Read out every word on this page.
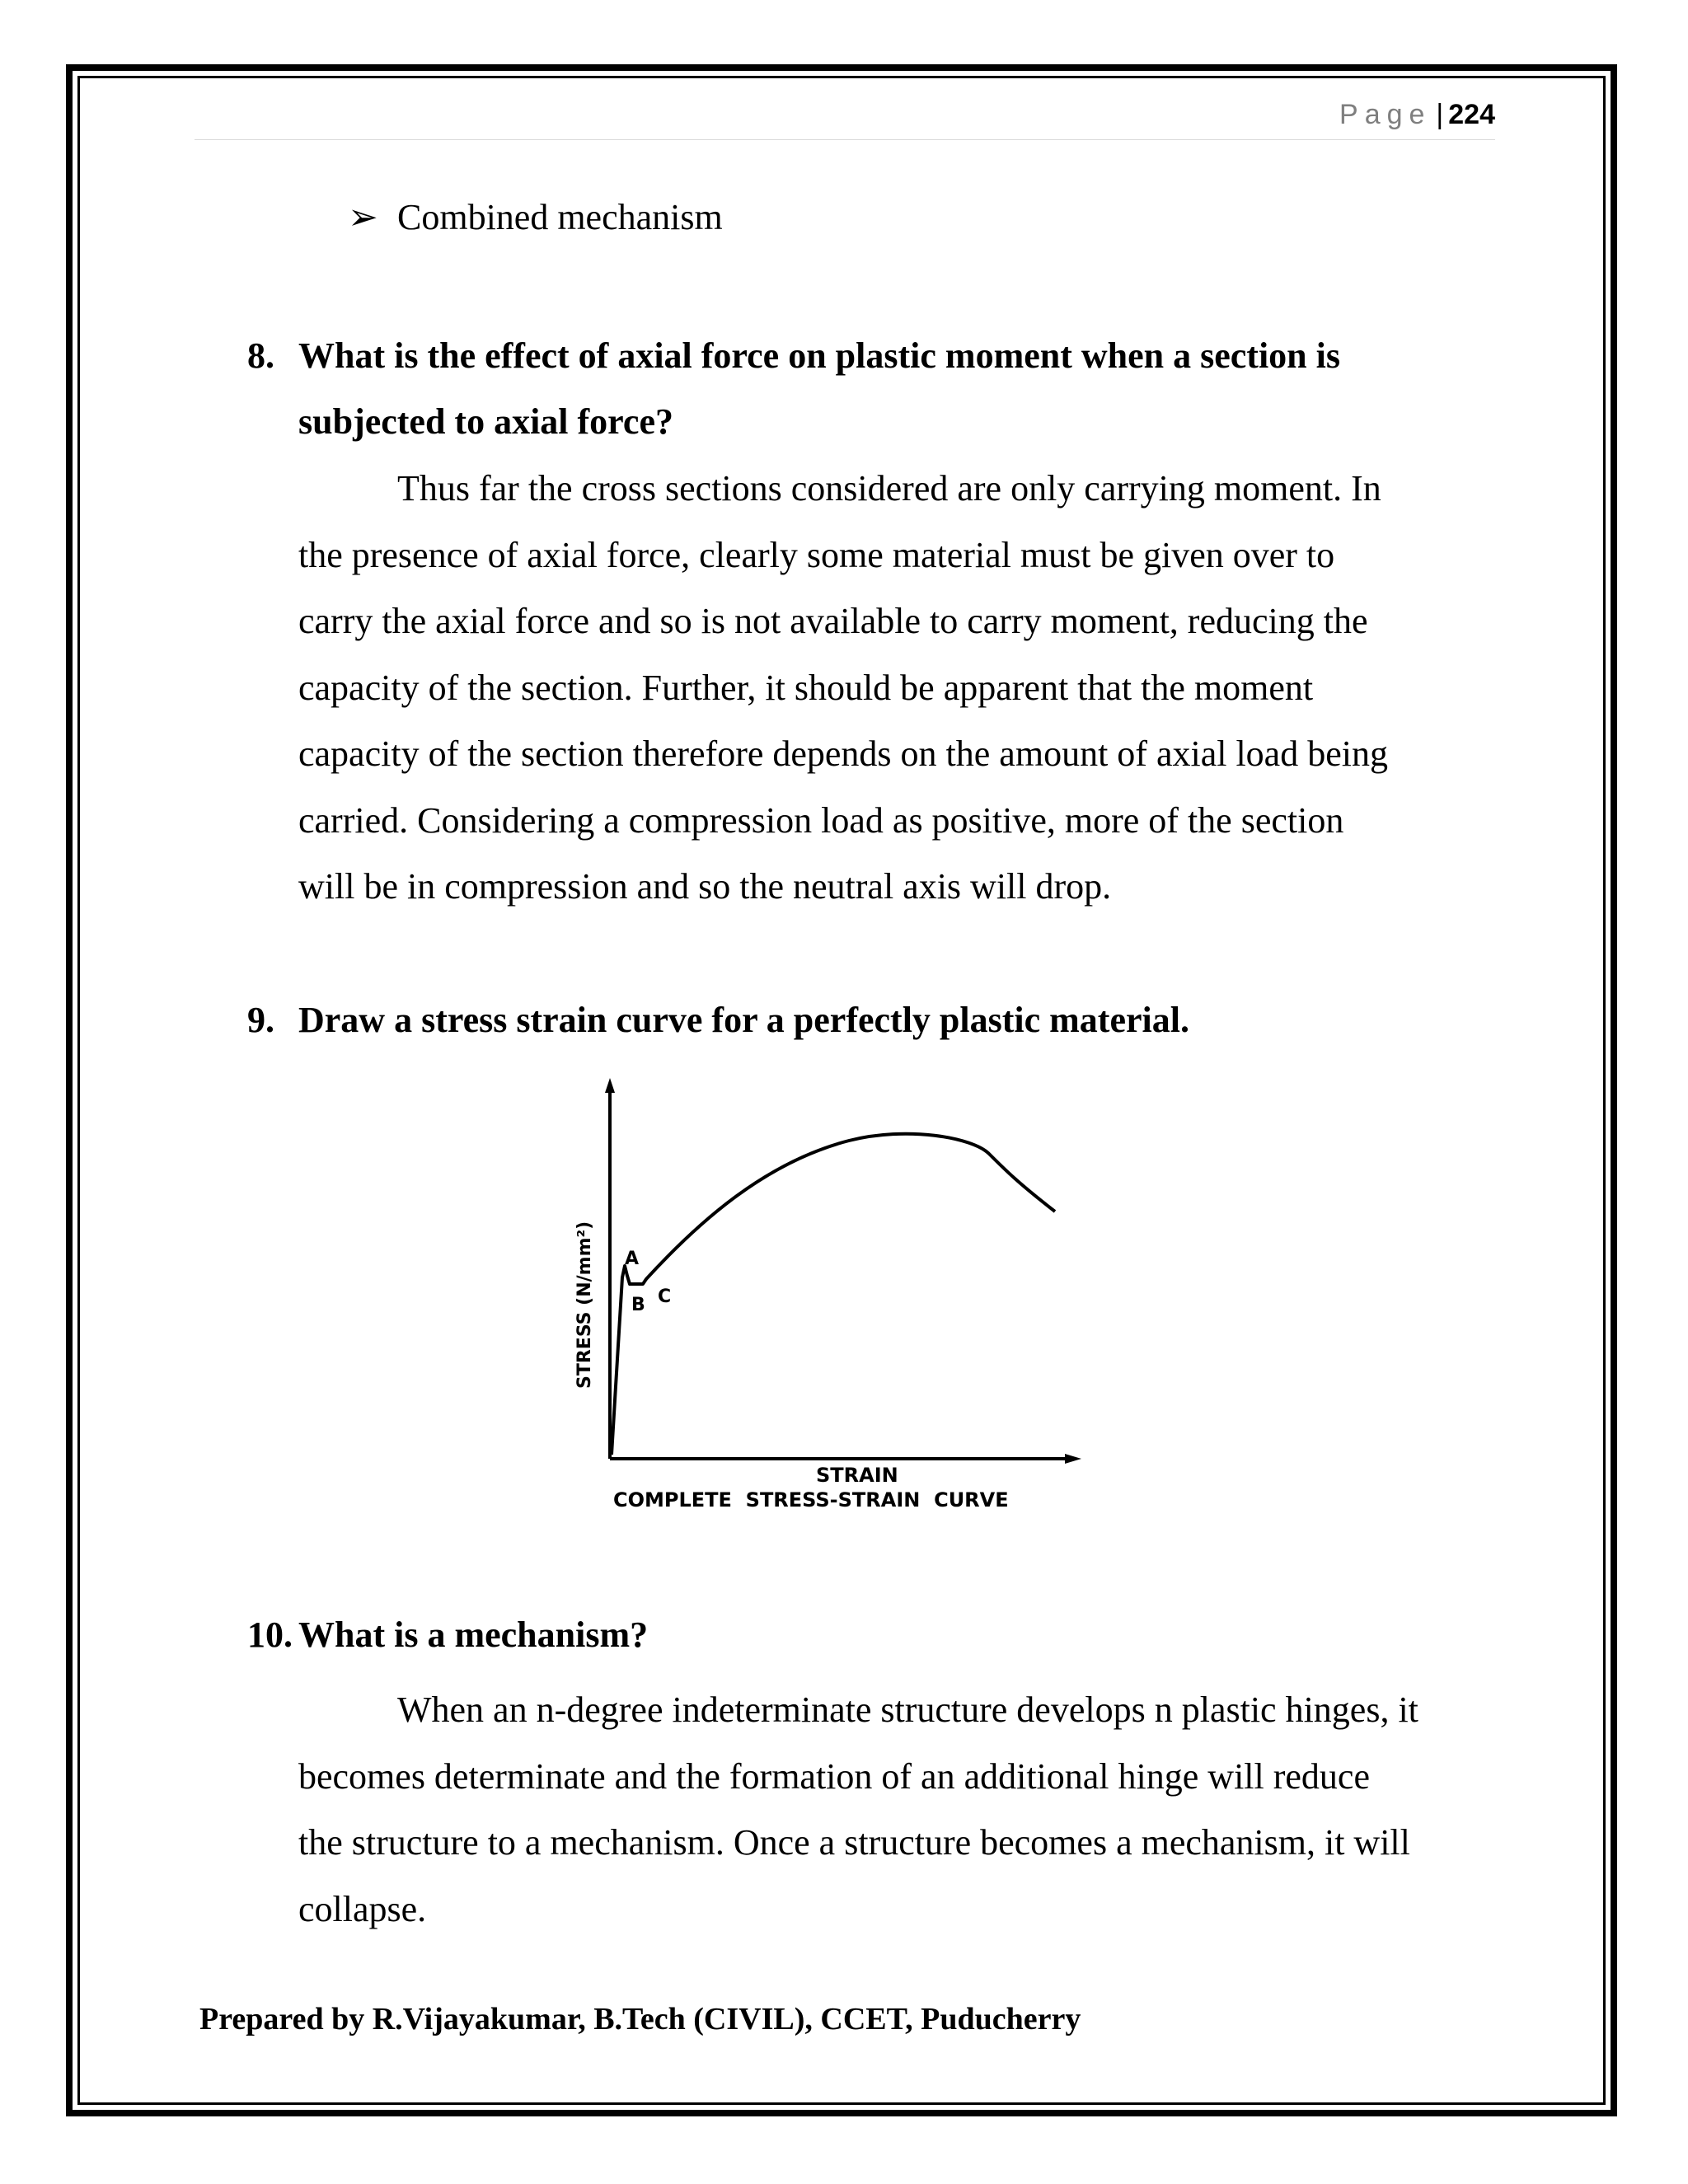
Page | 224
➢ Combined mechanism
8. What is the effect of axial force on plastic moment when a section is
subjected to axial force?
Thus far the cross sections considered are only carrying moment. In
the presence of axial force, clearly some material must be given over to
carry the axial force and so is not available to carry moment, reducing the
capacity of the section. Further, it should be apparent that the moment
capacity of the section therefore depends on the amount of axial load being
carried. Considering a compression load as positive, more of the section
will be in compression and so the neutral axis will drop.
9. Draw a stress strain curve for a perfectly plastic material.
A
B C
STRESS (N/mm²)
STRAIN
COMPLETE  STRESS-STRAIN  CURVE
10. What is a mechanism?
When an n-degree indeterminate structure develops n plastic hinges, it
becomes determinate and the formation of an additional hinge will reduce
the structure to a mechanism. Once a structure becomes a mechanism, it will
collapse.
Prepared by R.Vijayakumar, B.Tech (CIVIL), CCET, Puducherry
